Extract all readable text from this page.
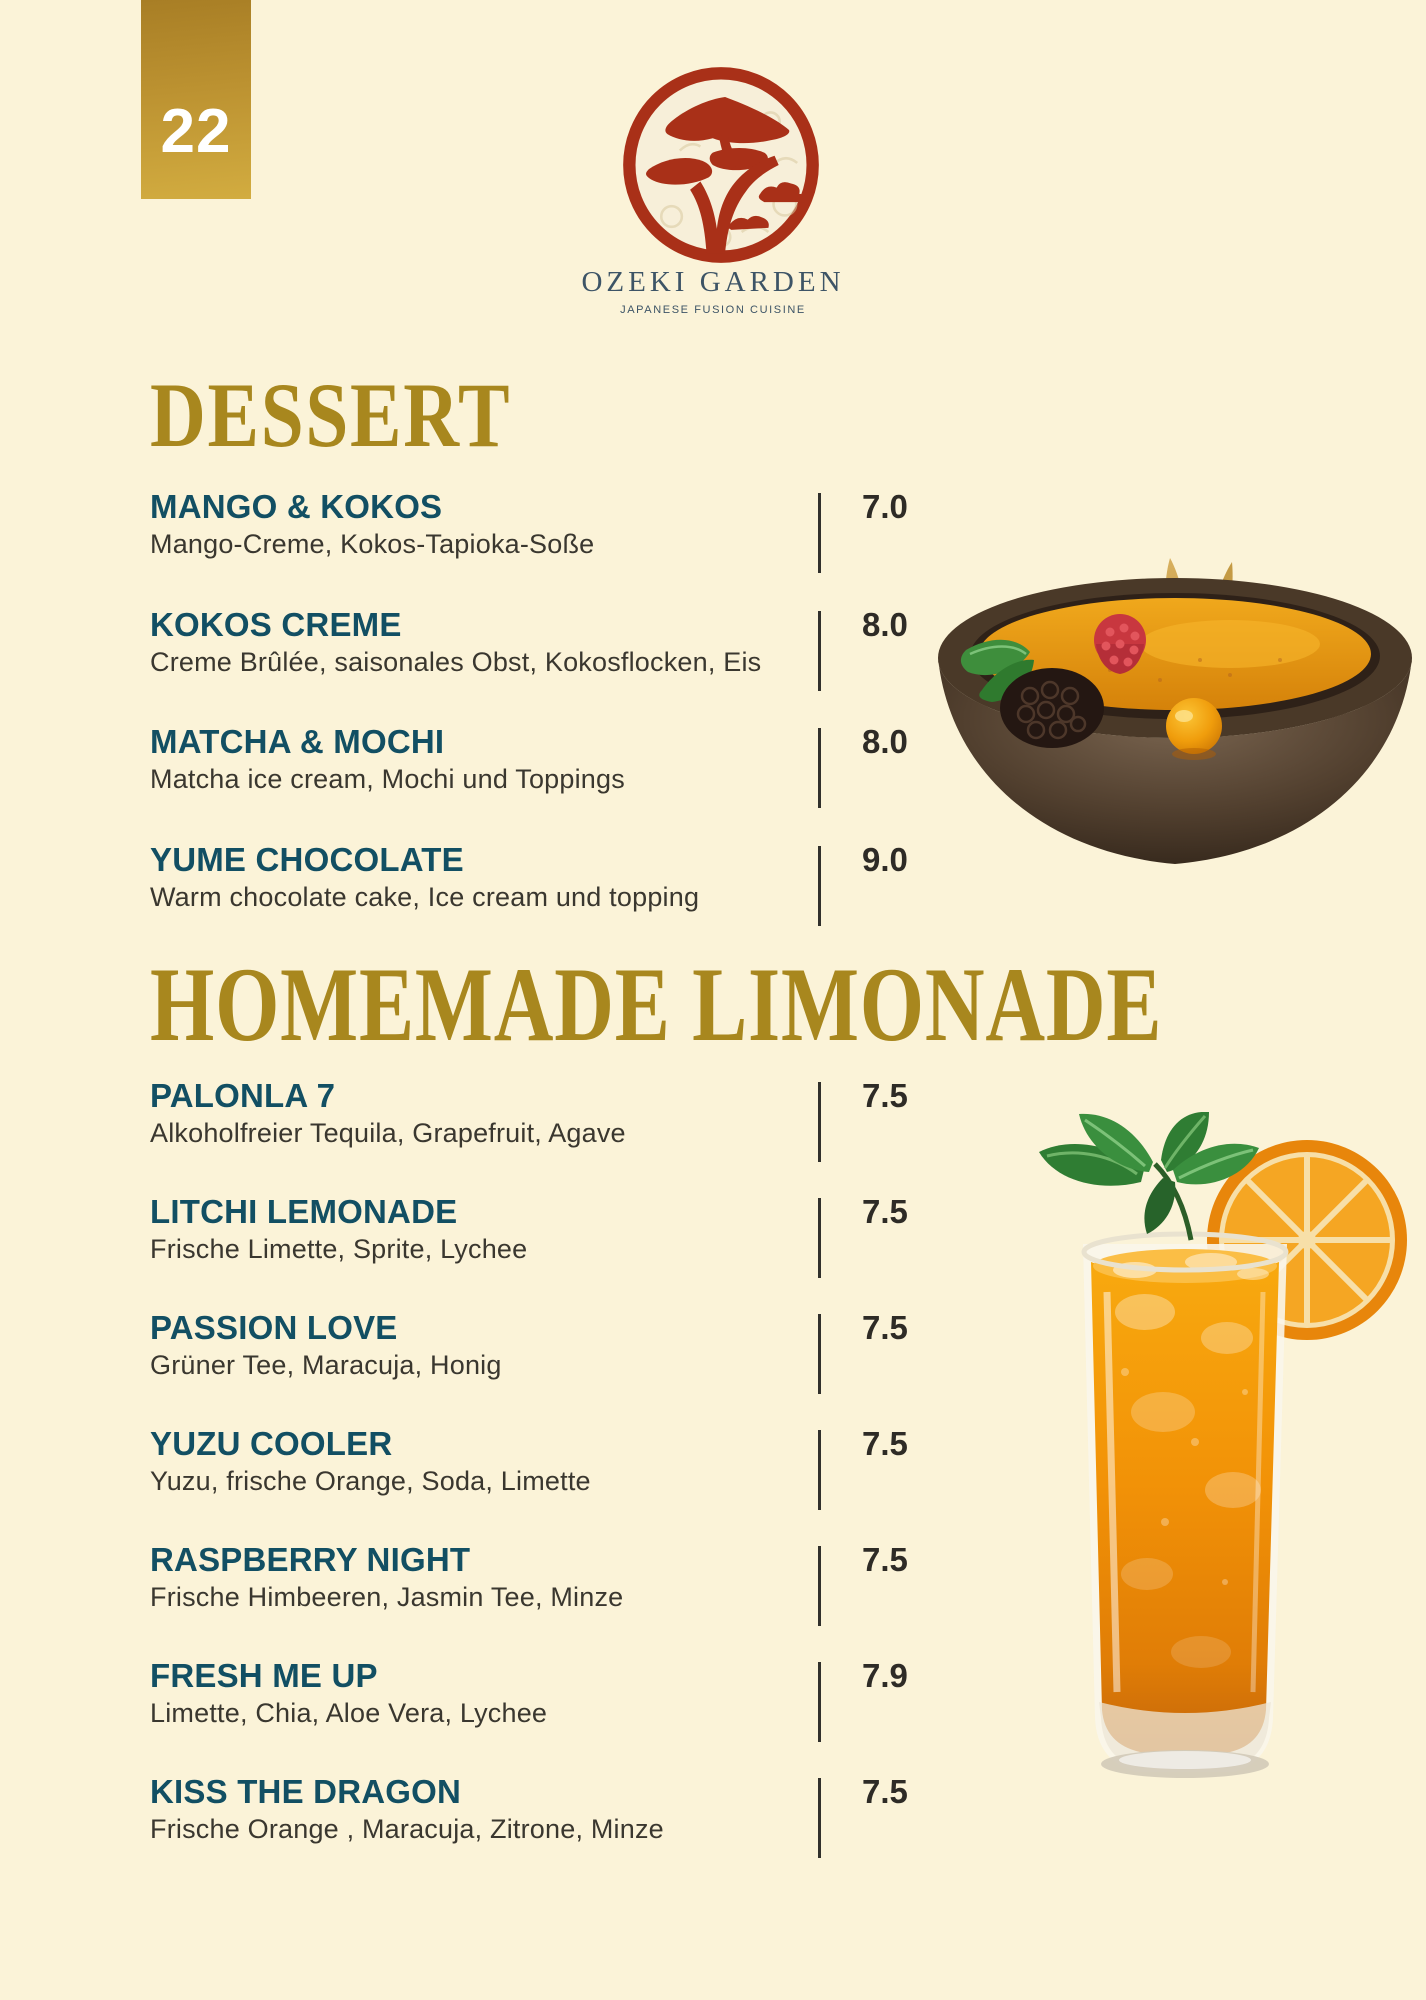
22
OZEKI GARDEN
JAPANESE FUSION CUISINE
DESSERT
MANGO & KOKOS
Mango-Creme, Kokos-Tapioka-Soße
7.0
KOKOS CREME
Creme Brûlée, saisonales Obst, Kokosflocken, Eis
8.0
MATCHA & MOCHI
Matcha ice cream, Mochi und Toppings
8.0
YUME CHOCOLATE
Warm chocolate cake, Ice cream und topping
9.0
HOMEMADE LIMONADE
PALONLA 7
Alkoholfreier Tequila, Grapefruit, Agave
7.5
LITCHI LEMONADE
Frische Limette, Sprite, Lychee
7.5
PASSION LOVE
Grüner Tee, Maracuja, Honig
7.5
YUZU COOLER
Yuzu, frische Orange, Soda, Limette
7.5
RASPBERRY NIGHT
Frische Himbeeren, Jasmin Tee, Minze
7.5
FRESH ME UP
Limette, Chia, Aloe Vera, Lychee
7.9
KISS THE DRAGON
Frische Orange , Maracuja, Zitrone, Minze
7.5
